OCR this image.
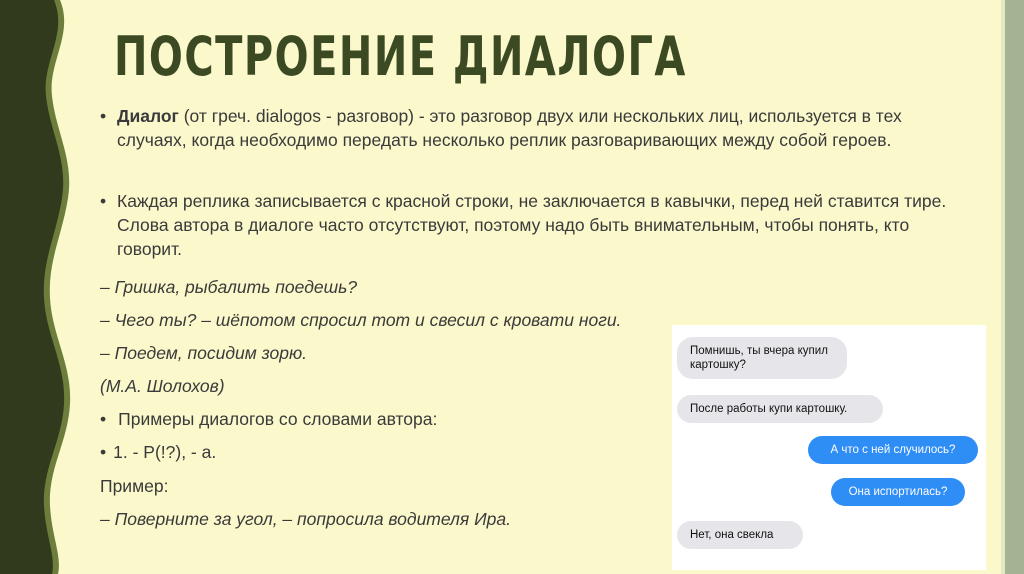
ПОСТРОЕНИЕ ДИАЛОГА
• Диалог (от греч. dialogos - разговор) - это разговор двух или нескольких лиц, используется в тех случаях, когда необходимо передать несколько реплик разговаривающих между собой героев.
• Каждая реплика записывается с красной строки, не заключается в кавычки, перед ней ставится тире. Слова автора в диалоге часто отсутствуют, поэтому надо быть внимательным, чтобы понять, кто говорит.
– Гришка, рыбалить поедешь?
– Чего ты? – шёпотом спросил тот и свесил с кровати ноги.
– Поедем, посидим зорю.
(М.А. Шолохов)
• Примеры диалогов со словами автора:
• 1. - Р(!?), - а.
Пример:
– Поверните за угол, – попросила водителя Ира.
Помнишь, ты вчера купил картошку?
После работы купи картошку.
А что с ней случилось?
Она испортилась?
Нет, она свекла
